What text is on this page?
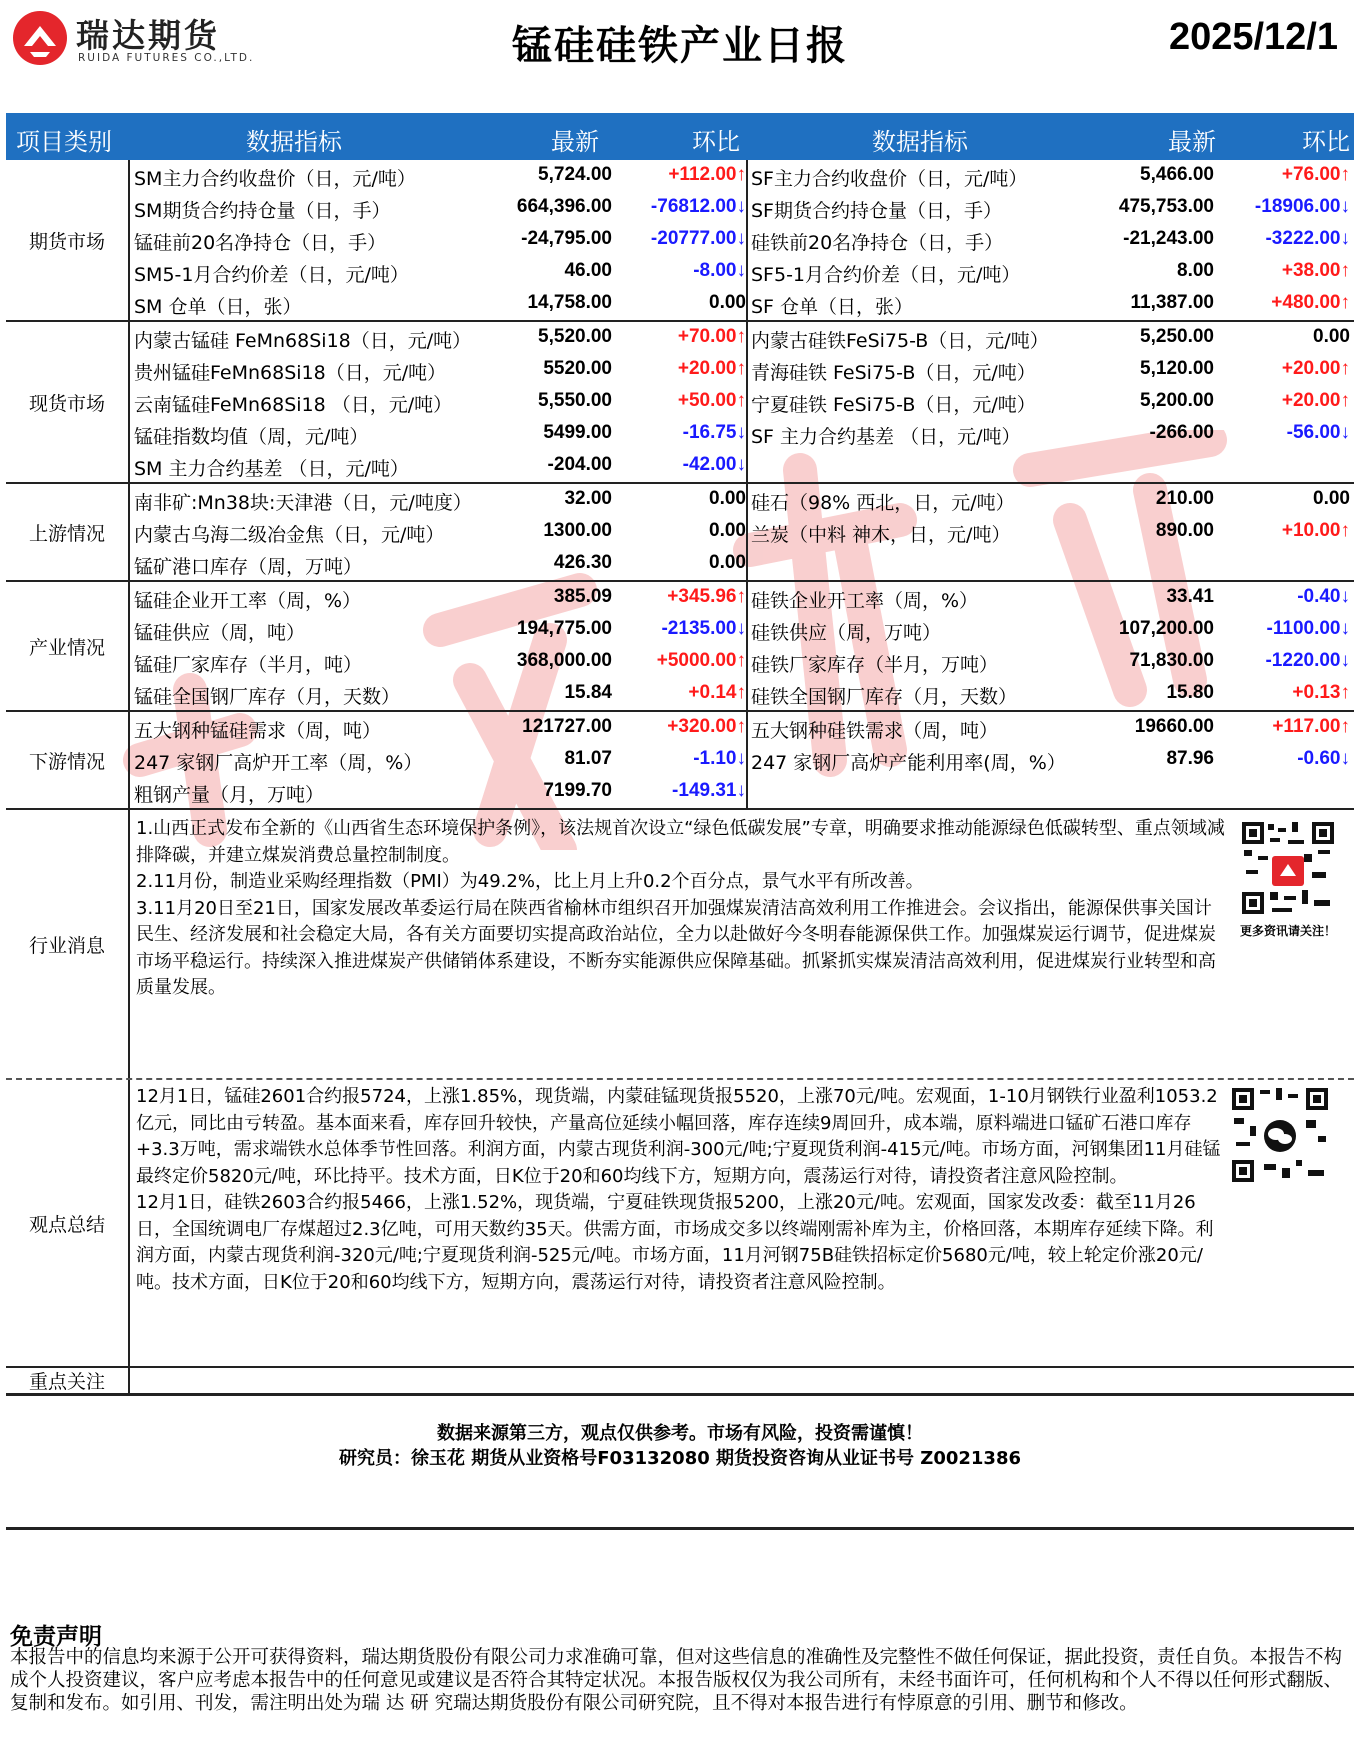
瑞达期货
RUIDA FUTURES CO.,LTD.	锰硅硅铁产业日报	2025/12/1
项目类别	数据指标	最新	环比	数据指标	最新	环比
期货市场
SM主力合约收盘价（日，元/吨）	5,724.00	+112.00↑ SF主力合约收盘价（日，元/吨）	5,466.00	+76.00↑
SM期货合约持仓量（日，手）	664,396.00 -76812.00↓ SF期货合约持仓量（日，手）	475,753.00 -18906.00↓
锰硅前20名净持仓（日，手）	-24,795.00 -20777.00↓ 硅铁前20名净持仓（日，手）	-21,243.00	-3222.00↓
SM5-1月合约价差（日，元/吨）	46.00	-8.00↓ SF5-1月合约价差（日，元/吨）	8.00	+38.00↑
SM 仓单（日，张）	14,758.00	0.00 SF 仓单（日，张）	11,387.00	+480.00↑
现货市场
内蒙古锰硅 FeMn68Si18（日，元/吨）	5,520.00	+70.00↑ 内蒙古硅铁FeSi75-B（日，元/吨）	5,250.00	0.00
贵州锰硅FeMn68Si18（日，元/吨）	5520.00	+20.00↑ 青海硅铁 FeSi75-B（日，元/吨）	5,120.00	+20.00↑
云南锰硅FeMn68Si18 （日，元/吨）	5,550.00	+50.00↑ 宁夏硅铁 FeSi75-B（日，元/吨）	5,200.00	+20.00↑
锰硅指数均值（周，元/吨）	5499.00	-16.75↓ SF 主力合约基差 （日，元/吨）	-266.00	-56.00↓
SM 主力合约基差 （日，元/吨）	-204.00	-42.00↓
上游情况
南非矿:Mn38块:天津港（日，元/吨度）	32.00	0.00 硅石（98% 西北，日，元/吨）	210.00	0.00
内蒙古乌海二级冶金焦（日，元/吨）	1300.00	0.00 兰炭（中料 神木，日，元/吨）	890.00	+10.00↑
锰矿港口库存（周，万吨）	426.30	0.00
产业情况
锰硅企业开工率（周，%）	385.09	+345.96↑ 硅铁企业开工率（周，%）	33.41	-0.40↓
锰硅供应（周，吨）	194,775.00	-2135.00↓ 硅铁供应（周，万吨）	107,200.00	-1100.00↓
锰硅厂家库存（半月，吨）	368,000.00 +5000.00↑ 硅铁厂家库存（半月，万吨）	71,830.00	-1220.00↓
锰硅全国钢厂库存（月，天数）	15.84	+0.14↑ 硅铁全国钢厂库存（月，天数）	15.80	+0.13↑
下游情况
五大钢种锰硅需求（周，吨）	121727.00	+320.00↑ 五大钢种硅铁需求（周，吨）	19660.00	+117.00↑
247 家钢厂高炉开工率（周，%）	81.07	-1.10↓ 247 家钢厂高炉产能利用率(周，%）	87.96	-0.60↓
粗钢产量（月，万吨）	7199.70	-149.31↓
行业消息
1.山西正式发布全新的《山西省生态环境保护条例》，该法规首次设立“绿色低碳发展”专章，明确要求推动能源绿色低碳转型、重点领域减排降碳，并建立煤炭消费总量控制制度。
2.11月份，制造业采购经理指数（PMI）为49.2%，比上月上升0.2个百分点，景气水平有所改善。
3.11月20日至21日，国家发展改革委运行局在陕西省榆林市组织召开加强煤炭清洁高效利用工作推进会。会议指出，能源保供事关国计民生、经济发展和社会稳定大局，各有关方面要切实提高政治站位，全力以赴做好今冬明春能源保供工作。加强煤炭运行调节，促进煤炭市场平稳运行。持续深入推进煤炭产供储销体系建设，不断夯实能源供应保障基础。抓紧抓实煤炭清洁高效利用，促进煤炭行业转型和高质量发展。
更多资讯请关注！
观点总结
12月1日，锰硅2601合约报5724，上涨1.85%，现货端，内蒙硅锰现货报5520，上涨70元/吨。宏观面，1-10月钢铁行业盈利1053.2亿元，同比由亏转盈。基本面来看，库存回升较快，产量高位延续小幅回落，库存连续9周回升，成本端，原料端进口锰矿石港口库存+3.3万吨，需求端铁水总体季节性回落。利润方面，内蒙古现货利润-300元/吨;宁夏现货利润-415元/吨。市场方面，河钢集团11月硅锰最终定价5820元/吨，环比持平。技术方面，日K位于20和60均线下方，短期方向，震荡运行对待，请投资者注意风险控制。
12月1日，硅铁2603合约报5466，上涨1.52%，现货端，宁夏硅铁现货报5200，上涨20元/吨。宏观面，国家发改委：截至11月26日，全国统调电厂存煤超过2.3亿吨，可用天数约35天。供需方面，市场成交多以终端刚需补库为主，价格回落，本期库存延续下降。利润方面，内蒙古现货利润-320元/吨;宁夏现货利润-525元/吨。市场方面，11月河钢75B硅铁招标定价5680元/吨，较上轮定价涨20元/吨。技术方面，日K位于20和60均线下方，短期方向，震荡运行对待，请投资者注意风险控制。
重点关注
数据来源第三方，观点仅供参考。市场有风险，投资需谨慎！
研究员：徐玉花 期货从业资格号F03132080 期货投资咨询从业证书号 Z0021386
免责声明
本报告中的信息均来源于公开可获得资料，瑞达期货股份有限公司力求准确可靠，但对这些信息的准确性及完整性不做任何保证，据此投资，责任自负。本报告不构成个人投资建议，客户应考虑本报告中的任何意见或建议是否符合其特定状况。本报告版权仅为我公司所有，未经书面许可，任何机构和个人不得以任何形式翻版、复制和发布。如引用、刊发，需注明出处为瑞 达 研 究瑞达期货股份有限公司研究院，且不得对本报告进行有悖原意的引用、删节和修改。
